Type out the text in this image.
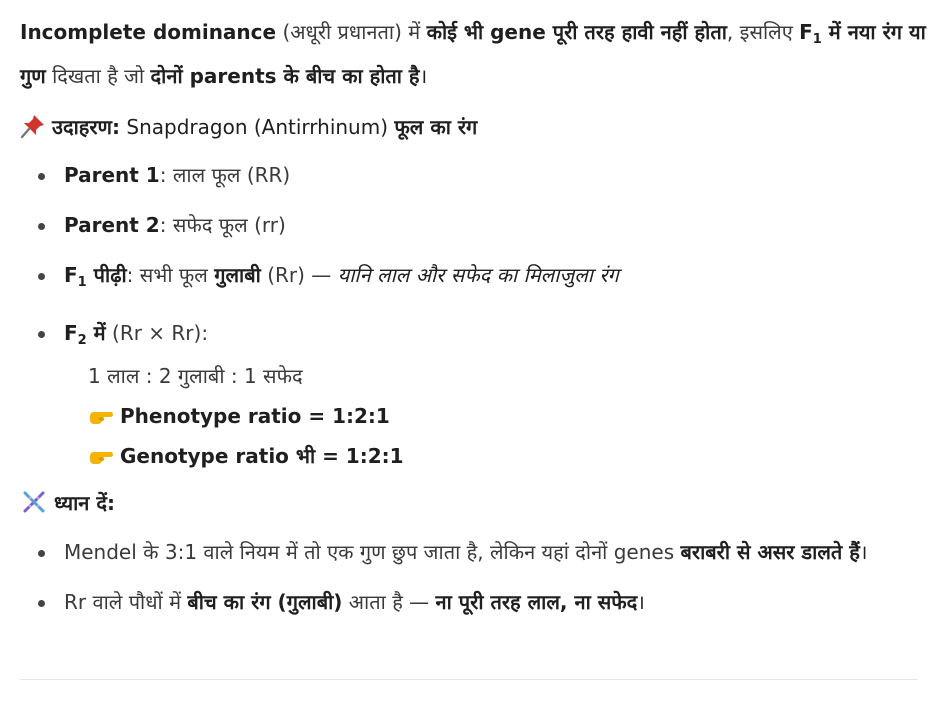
Incomplete dominance (अधूरी प्रधानता) में कोई भी gene पूरी तरह हावी नहीं होता, इसलिए $F_1$ में नया रंग या गुण दिखता है जो दोनों parents के बीच का होता है।

उदाहरण: Snapdragon (Antirrhinum) फूल का रंग

Parent 1: लाल फूल (RR)
Parent 2: सफेद फूल (rr)
$F_1$ पीढ़ी: सभी फूल गुलाबी (Rr) — यानि लाल और सफेद का मिलाजुला रंग
$F_2$ में (Rr × Rr):
1 लाल : 2 गुलाबी : 1 सफेद
Phenotype ratio = 1:2:1
Genotype ratio भी = 1:2:1

ध्यान दें:

Mendel के 3:1 वाले नियम में तो एक गुण छुप जाता है, लेकिन यहां दोनों genes बराबरी से असर डालते हैं।
Rr वाले पौधों में बीच का रंग (गुलाबी) आता है — ना पूरी तरह लाल, ना सफेद।
